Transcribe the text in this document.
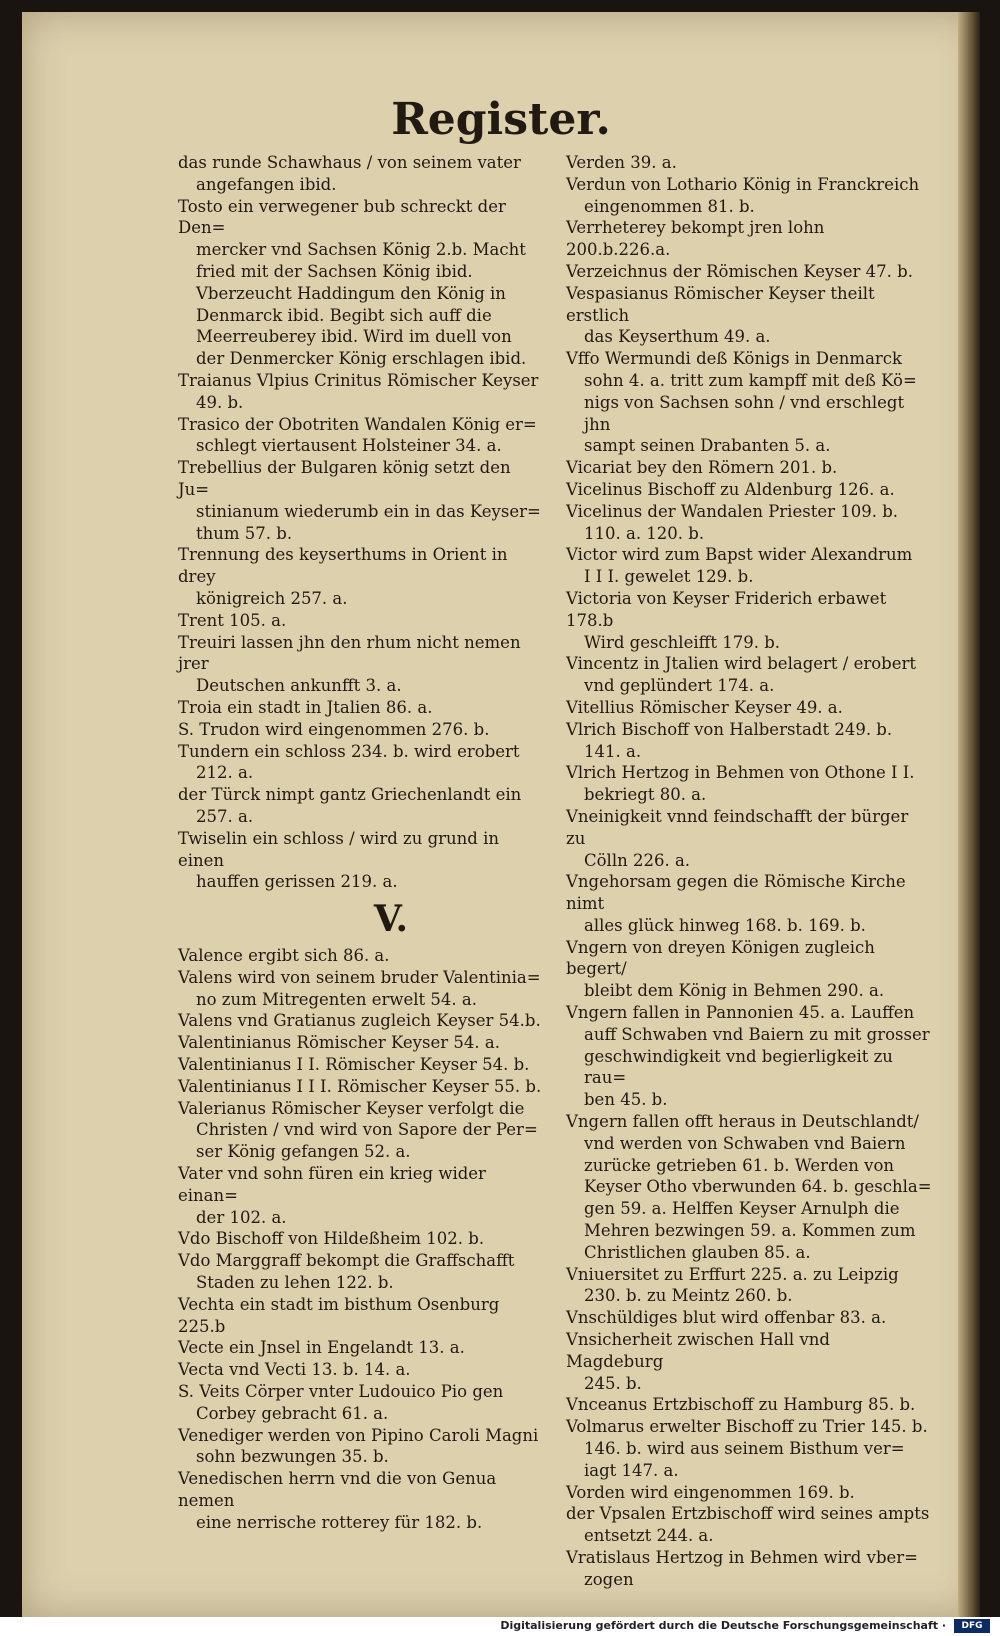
Register.
das runde Schawhaus / von seinem vater
angefangen ibid.
Tosto ein verwegener bub schreckt der Den=
mercker vnd Sachsen König 2.b. Macht
fried mit der Sachsen König ibid.
Vberzeucht Haddingum den König in
Denmarck ibid. Begibt sich auff die
Meerreuberey ibid. Wird im duell von
der Denmercker König erschlagen ibid.
Traianus Vlpius Crinitus Römischer Keyser
49. b.
Trasico der Obotriten Wandalen König er=
schlegt viertausent Holsteiner 34. a.
Trebellius der Bulgaren könig setzt den Ju=
stinianum wiederumb ein in das Keyser=
thum 57. b.
Trennung des keyserthums in Orient in drey
königreich 257. a.
Trent 105. a.
Treuiri lassen jhn den rhum nicht nemen jrer
Deutschen ankunfft 3. a.
Troia ein stadt in Jtalien 86. a.
S. Trudon wird eingenommen 276. b.
Tundern ein schloss 234. b. wird erobert
212. a.
der Türck nimpt gantz Griechenlandt ein
257. a.
Twiselin ein schloss / wird zu grund in einen
hauffen gerissen 219. a.
V.
Valence ergibt sich 86. a.
Valens wird von seinem bruder Valentinia=
no zum Mitregenten erwelt 54. a.
Valens vnd Gratianus zugleich Keyser 54.b.
Valentinianus Römischer Keyser 54. a.
Valentinianus I I. Römischer Keyser 54. b.
Valentinianus I I I. Römischer Keyser 55. b.
Valerianus Römischer Keyser verfolgt die
Christen / vnd wird von Sapore der Per=
ser König gefangen 52. a.
Vater vnd sohn füren ein krieg wider einan=
der 102. a.
Vdo Bischoff von Hildeßheim 102. b.
Vdo Marggraff bekompt die Graffschafft
Staden zu lehen 122. b.
Vechta ein stadt im bisthum Osenburg 225.b
Vecte ein Jnsel in Engelandt 13. a.
Vecta vnd Vecti 13. b. 14. a.
S. Veits Cörper vnter Ludouico Pio gen
Corbey gebracht 61. a.
Venediger werden von Pipino Caroli Magni
sohn bezwungen 35. b.
Venedischen herrn vnd die von Genua nemen
eine nerrische rotterey für 182. b.
Verden 39. a.
Verdun von Lothario König in Franckreich
eingenommen 81. b.
Verrheterey bekompt jren lohn 200.b.226.a.
Verzeichnus der Römischen Keyser 47. b.
Vespasianus Römischer Keyser theilt erstlich
das Keyserthum 49. a.
Vffo Wermundi deß Königs in Denmarck
sohn 4. a. tritt zum kampff mit deß Kö=
nigs von Sachsen sohn / vnd erschlegt jhn
sampt seinen Drabanten 5. a.
Vicariat bey den Römern 201. b.
Vicelinus Bischoff zu Aldenburg 126. a.
Vicelinus der Wandalen Priester 109. b.
110. a. 120. b.
Victor wird zum Bapst wider Alexandrum
I I I. gewelet 129. b.
Victoria von Keyser Friderich erbawet 178.b
Wird geschleifft 179. b.
Vincentz in Jtalien wird belagert / erobert
vnd geplündert 174. a.
Vitellius Römischer Keyser 49. a.
Vlrich Bischoff von Halberstadt 249. b.
141. a.
Vlrich Hertzog in Behmen von Othone I I.
bekriegt 80. a.
Vneinigkeit vnnd feindschafft der bürger zu
Cölln 226. a.
Vngehorsam gegen die Römische Kirche nimt
alles glück hinweg 168. b. 169. b.
Vngern von dreyen Königen zugleich begert/
bleibt dem König in Behmen 290. a.
Vngern fallen in Pannonien 45. a. Lauffen
auff Schwaben vnd Baiern zu mit grosser
geschwindigkeit vnd begierligkeit zu rau=
ben 45. b.
Vngern fallen offt heraus in Deutschlandt/
vnd werden von Schwaben vnd Baiern
zurücke getrieben 61. b. Werden von
Keyser Otho vberwunden 64. b. geschla=
gen 59. a. Helffen Keyser Arnulph die
Mehren bezwingen 59. a. Kommen zum
Christlichen glauben 85. a.
Vniuersitet zu Erffurt 225. a. zu Leipzig
230. b. zu Meintz 260. b.
Vnschüldiges blut wird offenbar 83. a.
Vnsicherheit zwischen Hall vnd Magdeburg
245. b.
Vnceanus Ertzbischoff zu Hamburg 85. b.
Volmarus erwelter Bischoff zu Trier 145. b.
146. b. wird aus seinem Bisthum ver=
iagt 147. a.
Vorden wird eingenommen 169. b.
der Vpsalen Ertzbischoff wird seines ampts
entsetzt 244. a.
Vratislaus Hertzog in Behmen wird vber=
zogen
Digitalisierung gefördert durch die Deutsche Forschungsgemeinschaft ·	DFG
